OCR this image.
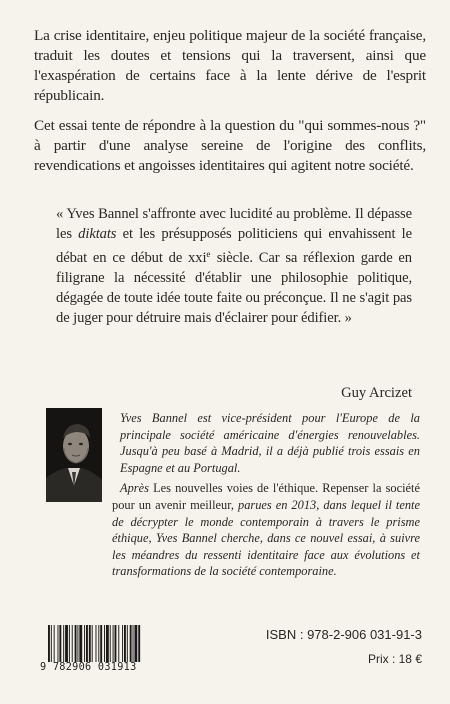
La crise identitaire, enjeu politique majeur de la société française, traduit les doutes et tensions qui la traversent, ainsi que l'exaspération de certains face à la lente dérive de l'esprit républicain.

Cet essai tente de répondre à la question du "qui sommes-nous ?" à partir d'une analyse sereine de l'origine des conflits, revendications et angoisses identitaires qui agitent notre société.

« Yves Bannel s'affronte avec lucidité au problème. Il dépasse les diktats et les présupposés politiciens qui envahissent le débat en ce début de xxi$^e$ siècle. Car sa réflexion garde en filigrane la nécessité d'établir une philosophie politique, dégagée de toute idée toute faite ou préconçue. Il ne s'agit pas de juger pour détruire mais d'éclairer pour édifier. »
Guy Arcizet

Yves Bannel est vice-président pour l'Europe de la principale société américaine d'énergies renouvelables. Jusqu'à peu basé à Madrid, il a déjà publié trois essais en Espagne et au Portugal.

Après Les nouvelles voies de l'éthique. Repenser la société pour un avenir meilleur, parues en 2013, dans lequel il tente de décrypter le monde contemporain à travers le prisme éthique, Yves Bannel cherche, dans ce nouvel essai, à suivre les méandres du ressenti identitaire face aux évolutions et transformations de la société contemporaine.

9 782906 031913
ISBN : 978-2-906 031-91-3
Prix : 18 €
